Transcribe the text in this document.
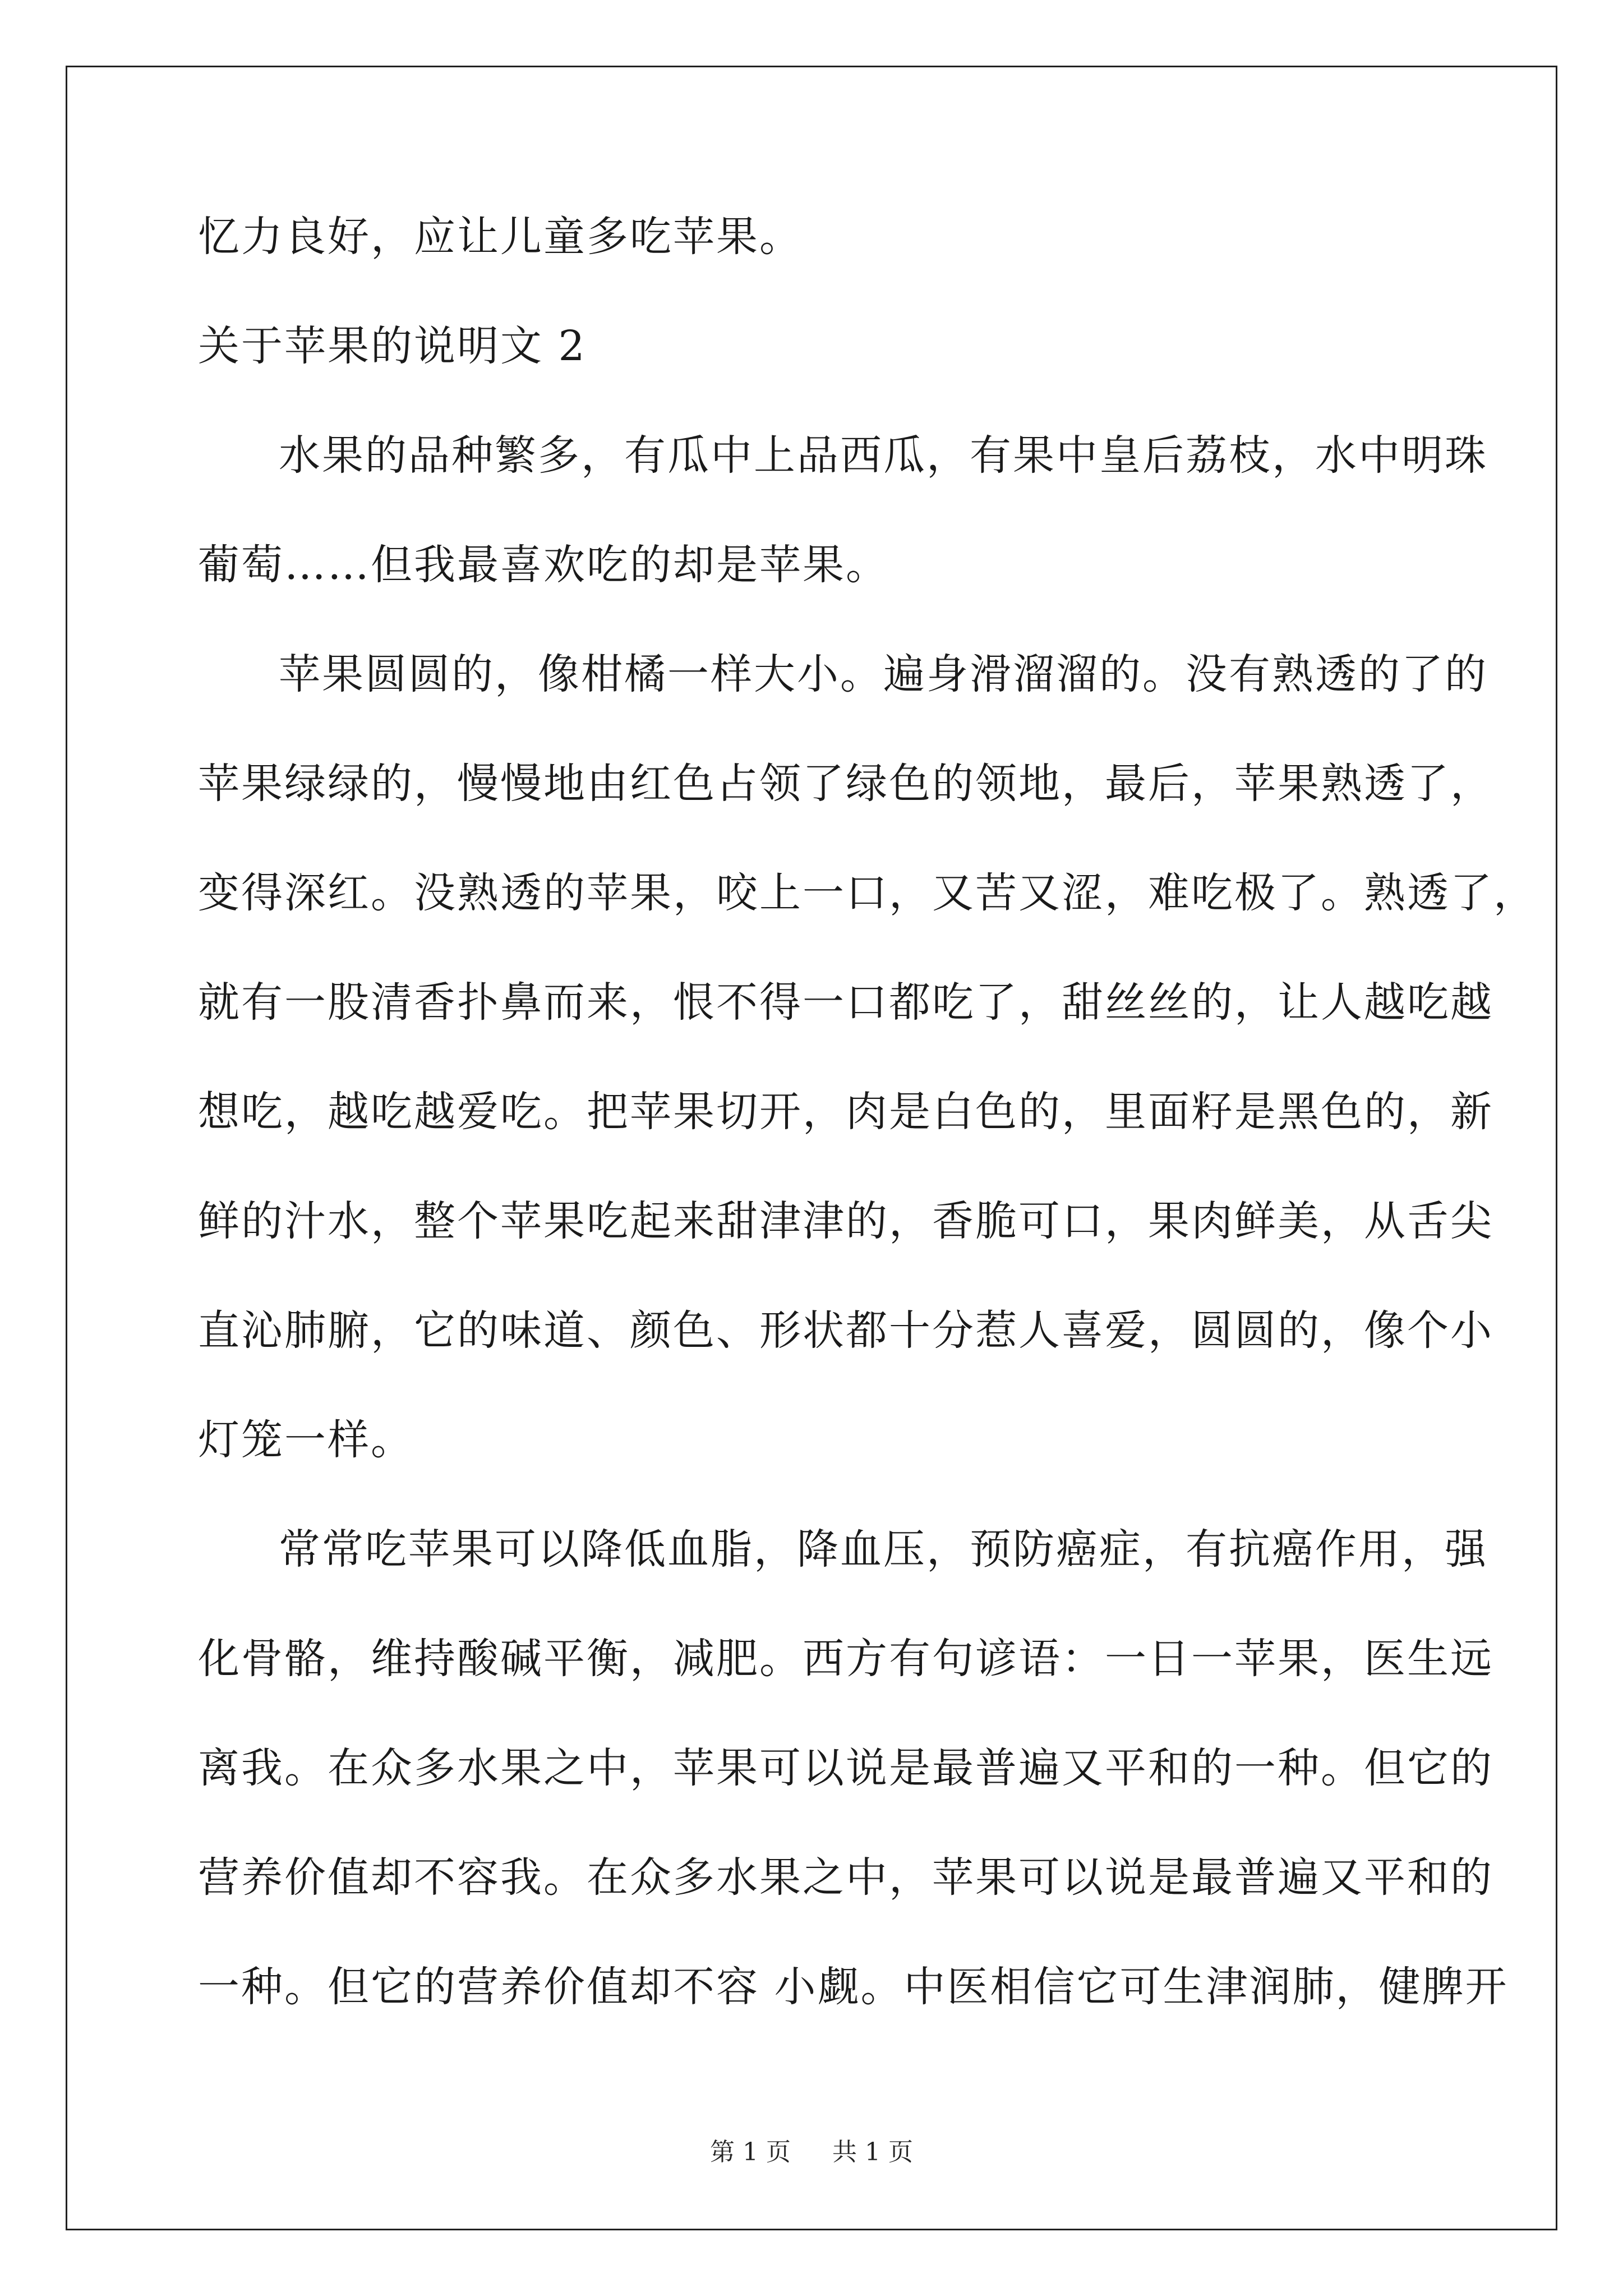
忆力良好，应让儿童多吃苹果。
关于苹果的说明文 2
水果的品种繁多，有瓜中上品西瓜，有果中皇后荔枝，水中明珠
葡萄……但我最喜欢吃的却是苹果。
苹果圆圆的，像柑橘一样大小。遍身滑溜溜的。没有熟透的了的
苹果绿绿的，慢慢地由红色占领了绿色的领地，最后，苹果熟透了，
变得深红。没熟透的苹果，咬上一口，又苦又涩，难吃极了。熟透了，
就有一股清香扑鼻而来，恨不得一口都吃了，甜丝丝的，让人越吃越
想吃，越吃越爱吃。把苹果切开，肉是白色的，里面籽是黑色的，新
鲜的汁水，整个苹果吃起来甜津津的，香脆可口，果肉鲜美，从舌尖
直沁肺腑，它的味道、颜色、形状都十分惹人喜爱，圆圆的，像个小
灯笼一样。
常常吃苹果可以降低血脂，降血压，预防癌症，有抗癌作用，强
化骨骼，维持酸碱平衡，减肥。西方有句谚语：一日一苹果，医生远
离我。在众多水果之中，苹果可以说是最普遍又平和的一种。但它的
营养价值却不容我。在众多水果之中，苹果可以说是最普遍又平和的
一种。但它的营养价值却不容 小觑。中医相信它可生津润肺，健脾开
第 1 页 共 1 页
